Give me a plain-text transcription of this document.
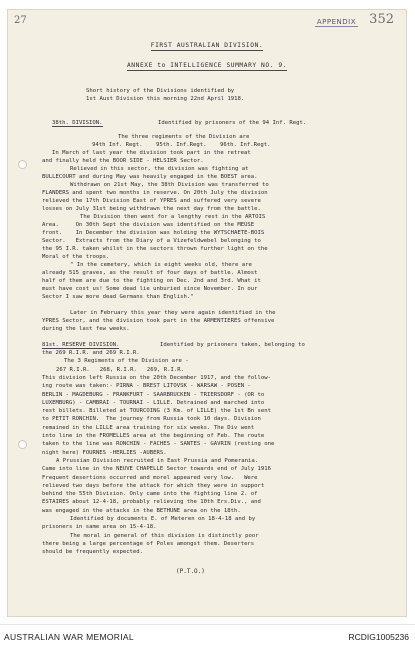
27	APPENDIX 352
FIRST AUSTRALIAN DIVISION.
ANNEXE to INTELLIGENCE SUMMARY NO. 9.
Short history of the Divisions identified by
1st Aust Division this morning 22nd April 1918.
38th. DIVISION.	Identified by prisoners of the 94 Inf. Regt.
The three regiments of the Division are
94th Inf. Regt.    95th. Inf.Regt.    96th. Inf.Regt.
In March of last year the division took part in the retreat
and finally held the BOOR SIDE - HELSIER Sector.
Relieved in this sector, the division was fighting at
BULLECOURT and during May was heavily engaged in the BOEST area.
Withdrawn on 21st May, the 38th Division was transferred to
FLANDERS and spent two months in reserve. On 20th July the division
relieved the 17th Division East of YPRES and suffered very severe
losses on July 31st being withdrawn the next day from the battle.
The Division then went for a lengthy rest in the ARTOIS
Area.     On 30th Sept the division was identified on the MEUSE
front.    In December the division was holding the WYTSCHAETE-BOIS
Sector.   Extracts from the Diary of a Vizefeldwebel belonging to
the 95 I.R. taken whilst in the sectors thrown further light on the
Moral of the troops.
" In the cemetery, which is eight weeks old, there are
already 515 graves, as the result of four days of battle. Almost
half of them are due to the fighting on Dec. 2nd and 3rd. What it
must have cost us! Some dead lie unburied since November. In our
Sector I saw more dead Germans than English."
Later in February this year they were again identified in the
YPRES Sector, and the division took part in the ARMENTIERES offensive
during the last few weeks.
81st. RESERVE DIVISION.	Identified by prisoners taken, belonging to
the 269 R.I.R. and 269 R.I.R.
The 3 Regiments of the Division are -
267 R.I.R.   268, R.I.R.   269, R.I.R.
This division left Russia on the 20th December 1917, and the follow-
ing route was taken:- PIRNA - BREST LITOVSK - WARSAW - POSEN -
BERLIN - MAGDEBURG - FRANKFURT - SAARBRUCKEN - TRIERSDORF - (OR to
LUXEMBURG) - CAMBRAI - TOURNAI - LILLE. Detrained and marched into
rest billets. Billeted at TOURCOING (3 Km. of LILLE) the 1st Bn sent
to PETIT RONCHIN.  The journey from Russia took 10 days. Division
remained in the LILLE area training for six weeks. The Div went
into line in the FROMELLES area at the beginning of Feb. The route
taken to the line was RONCHIN - FACHES - SANTES - GAVRIN (resting one
night here) FOURNES -HERLIES -AUBERS.
A Prussian Division recruited in East Prussia and Pomerania.
Came into line in the NEUVE CHAPELLE Sector towards end of July 1916
Frequent desertions occurred and morel appeared very low.   Were
relieved two days before the attack for which they were in support
behind the 55th Division. Only came into the fighting line 2. of
ESTAIRES about 12-4-18, probably relieving the 10th Ers.Div., and
was engaged in the attacks in the BETHUNE area on the 18th.
Identified by documents E. of Meteren on 18-4-18 and by
prisoners in same area on 15-4-18.
The moral in general of this division is distinctly poor
there being a large percentage of Poles amongst them. Deserters
should be frequently expected.
(P.T.O.)
AUSTRALIAN WAR MEMORIAL	RCDIG1005236
